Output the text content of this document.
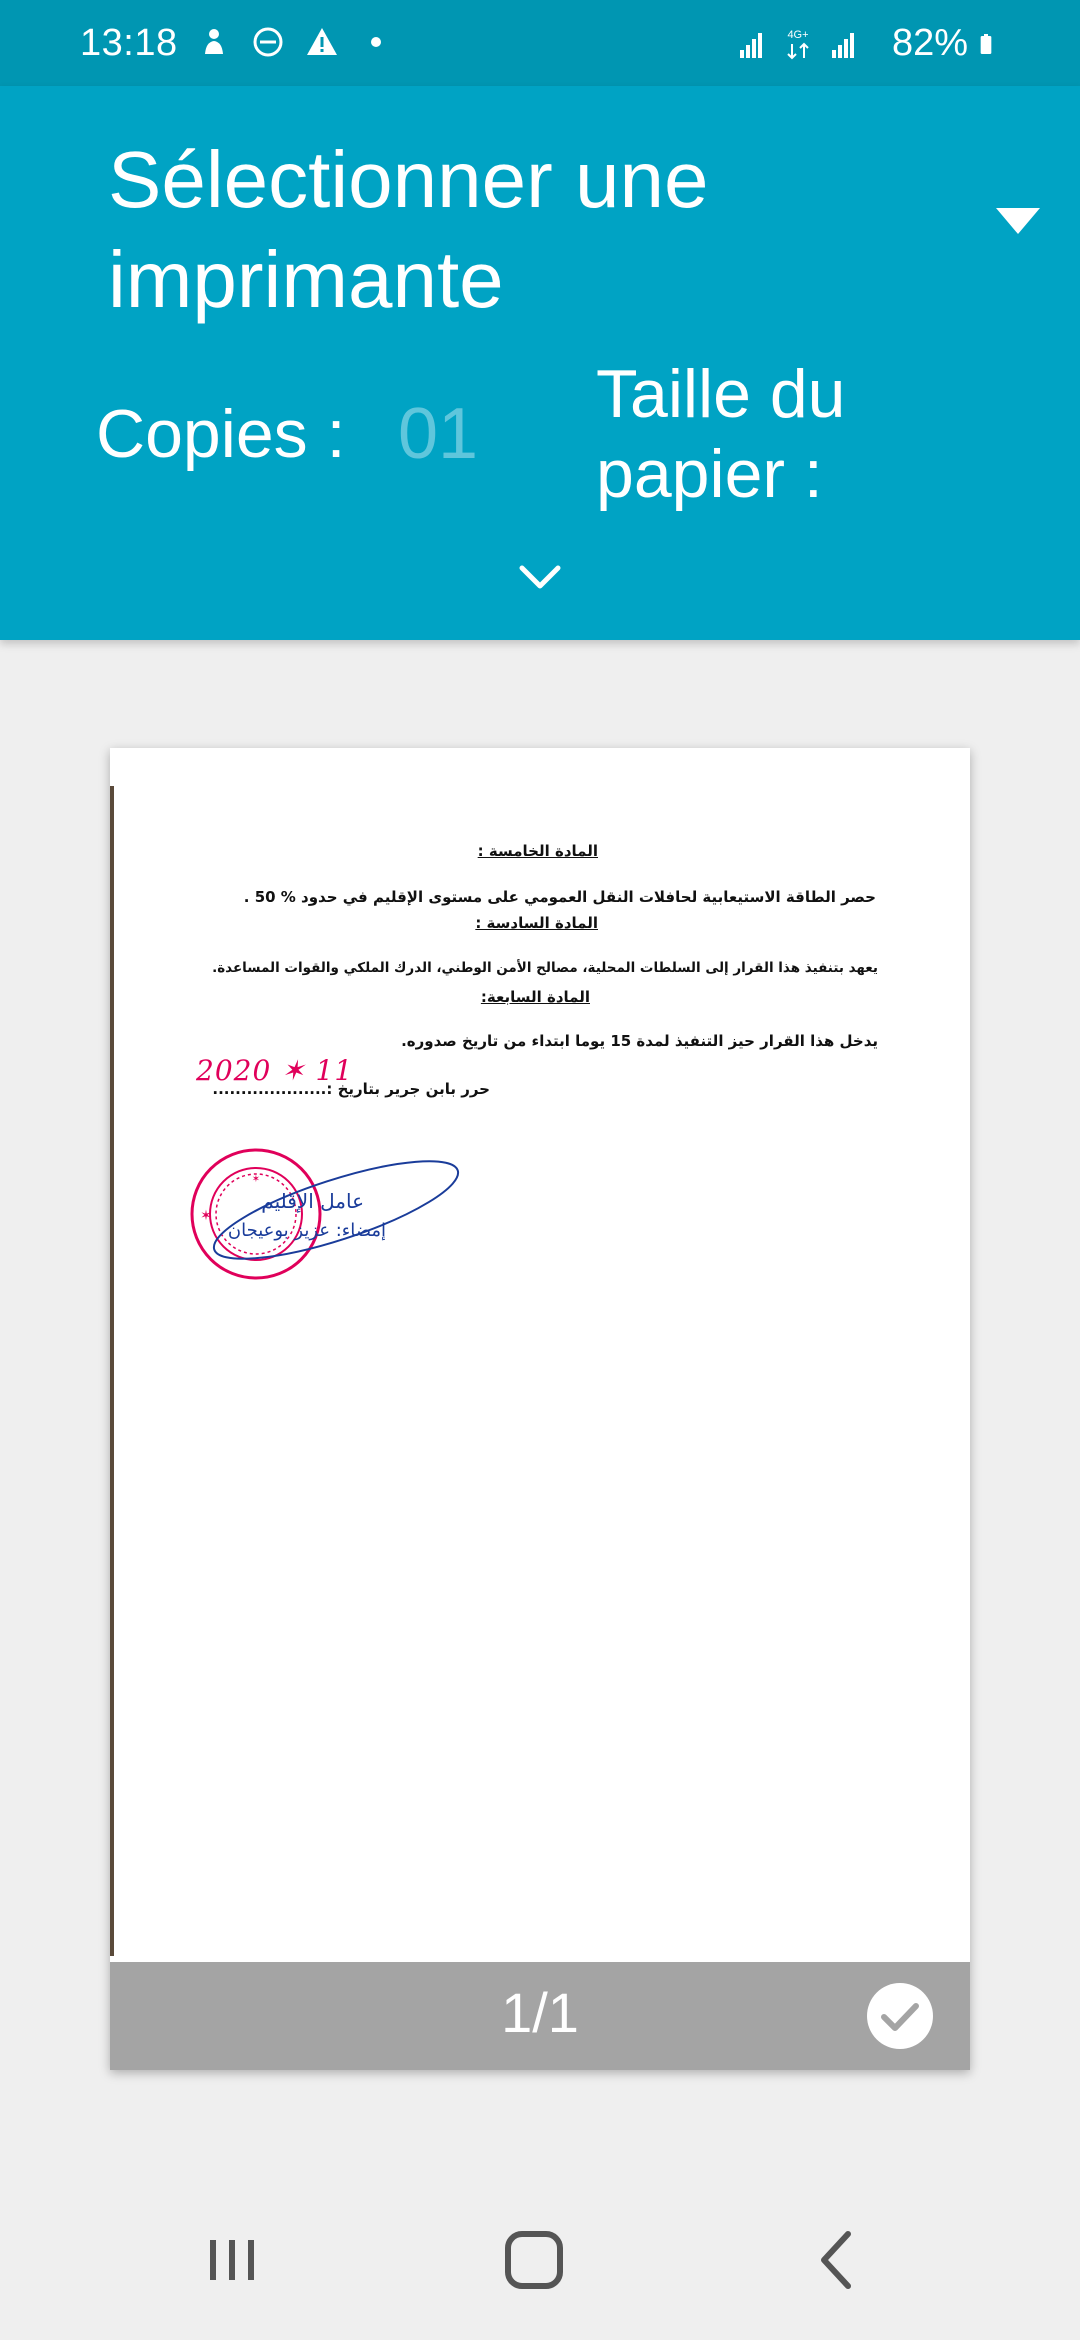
13:18	4G+ 82%
Sélectionner une imprimante
Copies : 01 Taille du papier :
المادة الخامسة :
حصر الطاقة الاستيعابية لحافلات النقل العمومي على مستوى الإقليم في حدود % 50 .
المادة السادسة :
يعهد بتنفيذ هذا القرار إلى السلطات المحلية، مصالح الأمن الوطني، الدرك الملكي والقوات المساعدة.
المادة السابعة:
يدخل هذا القرار حيز التنفيذ لمدة 15 يوما ابتداء من تاريخ صدوره.
2020 ✶ 11
حرر بابن جرير بتاريخ :....................
✶
✶
عامل الإقليم
إمضاء: عزيز بوعيجان
1/1
